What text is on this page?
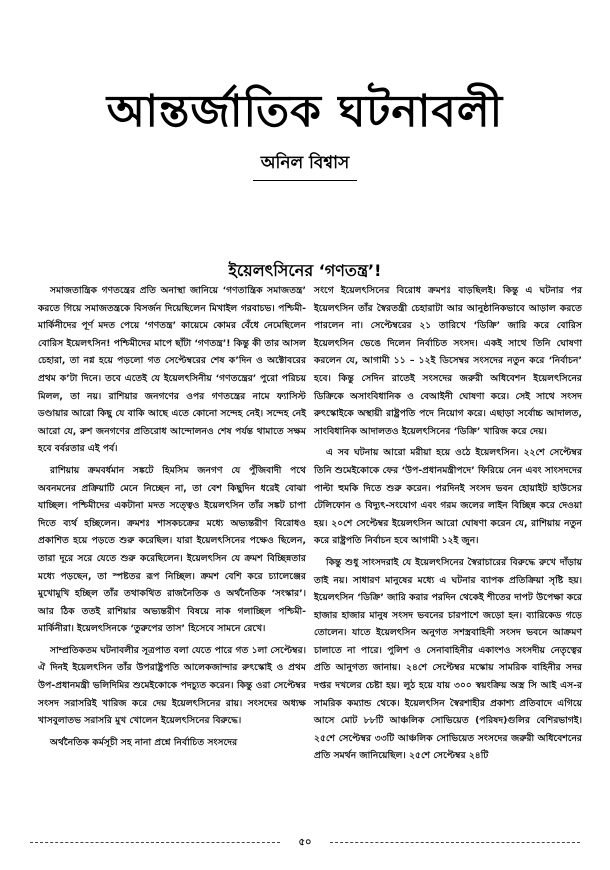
আন্তর্জাতিক ঘটনাবলী
অনিল বিশ্বাস
ইয়েলৎসিনের ‘গণতন্ত্র’!

সমাজতান্ত্রিক গণতন্ত্রের প্রতি অনাস্থা জানিয়ে ‘গণতান্ত্রিক সমাজতন্ত্র’ করতে গিয়ে সমাজতন্ত্রকে বিসর্জন দিয়েছিলেন মিখাইল গরবাচভ। পশ্চিমী-মার্কিনীদের পূর্ণ মদত পেয়ে ‘গণতন্ত্র’ কায়েমে কোমর বেঁধে নেমেছিলেন বোরিস ইয়েলৎসিন! পশ্চিমীদের মাপে ছাঁটা ‘গণতন্ত্র’! কিন্তু কী তার আসল চেহারা, তা নগ্ন হয়ে পড়লো গত সেপ্টেম্বরের শেষ ক’দিন ও অক্টোবরের প্রথম ক’টা দিনে। তবে এতেই যে ইয়েলৎসিনীয় ‘গণতন্ত্রের’ পুরো পরিচয় মিলল, তা নয়। রাশিয়ার জনগণের ওপর গণতন্ত্রের নামে ফ্যাসিস্ট ডণ্ডায়ার আরো কিছু যে বাকি আছে এতে কোনো সন্দেহ নেই। সন্দেহ নেই আরো যে, রুশ জনগণের প্রতিরোধ আন্দোলনও শেষ পর্যন্ত থামাতে সক্ষম হবে বর্বরতার এই পর্ব।

রাশিয়ায় ক্রমবর্ধমান সঙ্কটে হিমসিম জনগণ যে পুঁজিবাদী পথে অবনমনের প্রক্রিয়াটি মেনে নিচ্ছেন না, তা বেশ কিছুদিন ধরেই বোঝা যাচ্ছিল। পশ্চিমীদের একটানা মদত সত্ত্বেও ইয়েলৎসিন তাঁর সঙ্কট চাপা দিতে ব্যর্থ হচ্ছিলেন। ক্রমশঃ শাসকচক্রের মধ্যে অভ্যন্তরীণ বিরোধও প্রকাশিত হয়ে পড়তে শুরু করেছিল। যারা ইয়েলৎসিনের পক্ষেও ছিলেন, তারা দূরে সরে যেতে শুরু করেছিলেন। ইয়েলৎসিন যে ক্রমশ বিচ্ছিন্নতার মধ্যে পড়ছেন, তা স্পষ্টতর রূপ নিচ্ছিল। ক্রমশ বেশি করে চ্যালেঞ্জের মুখোমুখি হচ্ছিল তাঁর তথাকথিত রাজনৈতিক ও অর্থনৈতিক ‘সংস্কার’। আর ঠিক ততই রাশিয়ার অভ্যন্তরীণ বিষয়ে নাক গলাচ্ছিল পশ্চিমী-মার্কিনীরা। ইয়েলৎসিনকে ‘তুরুপের তাস’ হিসেবে সামনে রেখে।

সাম্প্রতিকতম ঘটনাবলীর সূত্রপাত বলা যেতে পারে গত ১লা সেপ্টেম্বর। ঐ দিনই ইয়েলৎসিন তাঁর উপরাষ্ট্রপতি আলেকজান্দার রুৎস্কোই ও প্রথম উপ-প্রধানমন্ত্রী ভলিদিমির শুমেইকোকে পদচ্যুত করেন। কিন্তু ওরা সেপ্টেম্বর সংসদ সরাসরিই খারিজ করে দেয় ইয়েলৎসিনের রায়। সংসদের অধ্যক্ষ খাসবুলাতভ সরাসরি মুখ খোলেন ইয়েলৎসিনের বিরুদ্ধে।

অর্থনৈতিক কর্মসূচী সহ নানা প্রশ্নে নির্বাচিত সংসদের

সংগে ইয়েলৎসিনের বিরোধ ক্রমশঃ বাড়ছিলই। কিন্তু এ ঘটনার পর ইয়েলৎসিন তাঁর স্বৈরতন্ত্রী চেহারাটা আর আনুষ্ঠানিকভাবে আড়াল করতে পারলেন না। সেপ্টেম্বরের ২১ তারিখে ‘ডিক্রি’ জারি করে বোরিস ইয়েলৎসিন ভেঙে দিলেন নির্বাচিত সংসদ। একই সাথে তিনি ঘোষণা করলেন যে, আগামী ১১ – ১২ই ডিসেম্বর সংসদের নতুন করে ‘নির্বাচন’ হবে। কিন্তু সেদিন রাতেই সংসদের জরুরী অধিবেশন ইয়েলৎসিনের ডিক্রিকে অসাংবিধানিক ও বেআইনী ঘোষণা করে। সেই সাথে সংসদ রুৎস্কোইকে অস্থায়ী রাষ্ট্রপতি পদে নিয়োগ করে। এছাড়া সর্বোচ্চ আদালত, সাংবিধানিক আদালতও ইয়েলৎসিনের ‘ডিক্রি’ খারিজ করে দেয়।

এ সব ঘটনায় আরো মরীয়া হয়ে ওঠে ইয়েলৎসিন। ২২শে সেপ্টেম্বর তিনি শুমেইকোকে ফের ‘উপ-প্রধানমন্ত্রীপদে’ ফিরিয়ে নেন এবং সাংসদদের পাল্টা হুমকি দিতে শুরু করেন। পরদিনই সংসদ ভবন হোয়াইট হাউসের টেলিফোন ও বিদ্যুৎ-সংযোগ এবং গরম জলের লাইন বিচ্ছিন্ন করে দেওয়া হয়। ২০শে সেপ্টেম্বর ইয়েলৎসিন আরো ঘোষণা করেন যে, রাশিয়ায় নতুন করে রাষ্ট্রপতি নির্বাচন হবে আগামী ১২ই জুন।

কিন্তু শুধু সাংসদরাই যে ইয়েলৎসিনের স্বৈরাচারের বিরুদ্ধে রুখে দাঁড়ায় তাই নয়। সাধারণ মানুষের মধ্যে এ ঘটনার ব্যাপক প্রতিক্রিয়া সৃষ্টি হয়। ইয়েলৎসিন ‘ডিক্রি’ জারি করার পরদিন থেকেই শীতের দাপট উপেক্ষা করে হাজার হাজার মানুষ সংসদ ভবনের চারপাশে জড়ো হন। ব্যারিকেড গড়ে তোলেন। যাতে ইয়েলৎসিন অনুগত সশস্ত্রবাহিনী সংসদ ভবনে আক্রমণ চালাতে না পারে। পুলিশ ও সেনাবাহিনীর একাংশও সংসদীয় নেতৃত্বের প্রতি আনুগত্য জানায়। ২৪শে সেপ্টেম্বর মস্কোয় সামরিক বাহিনীর সদর দপ্তর দখলের চেষ্টা হয়। লুঠ হয়ে যায় ৩০০ স্বয়ংক্রিয় অস্ত্র সি আই এস-র সামরিক কম্যান্ড থেকে। ইয়েলৎসিন স্বৈরশাহীর প্রকাশ্য প্রতিবাদে এগিয়ে আসে মোট ৮৮টি আঞ্চলিক সোভিয়েত (পরিষদ)গুলির বেশিরভাগই। ২৫শে সেপ্টেম্বর ৩৩টি আঞ্চলিক সোভিয়েত সংসদের জরুরী অধিবেশনের প্রতি সমর্থন জানিয়েছিল। ২৫শে সেপ্টেম্বর ২৪টি

৫০
